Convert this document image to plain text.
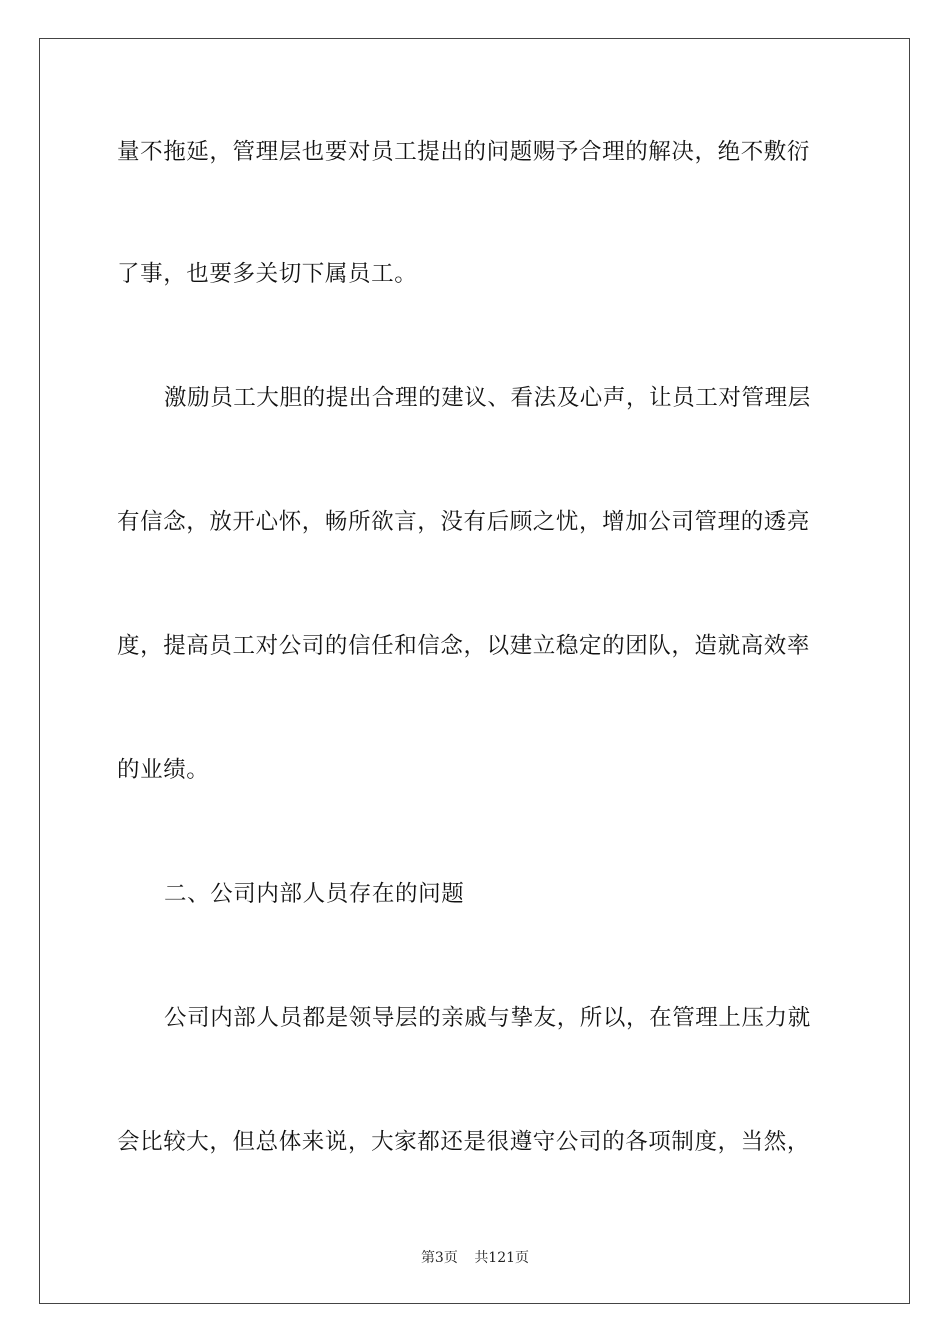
量不拖延，管理层也要对员工提出的问题赐予合理的解决，绝不敷衍
了事，也要多关切下属员工。
激励员工大胆的提出合理的建议、看法及心声，让员工对管理层
有信念，放开心怀，畅所欲言，没有后顾之忧，增加公司管理的透亮
度，提高员工对公司的信任和信念，以建立稳定的团队，造就高效率
的业绩。
二、公司内部人员存在的问题
公司内部人员都是领导层的亲戚与挚友，所以，在管理上压力就
会比较大，但总体来说，大家都还是很遵守公司的各项制度，当然，
第3页 共121页
